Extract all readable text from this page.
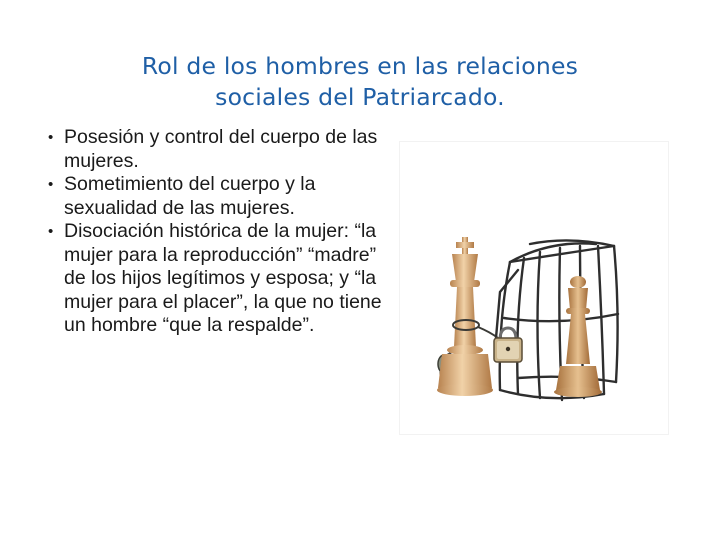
Rol de los hombres en las relaciones
sociales del Patriarcado.
• Posesión y control del cuerpo de las mujeres.
• Sometimiento del cuerpo y la sexualidad de las mujeres.
• Disociación histórica de la mujer: “la mujer para la reproducción” “madre” de los hijos legítimos y esposa; y “la mujer para el placer”, la que no tiene un hombre “que la respalde”.
